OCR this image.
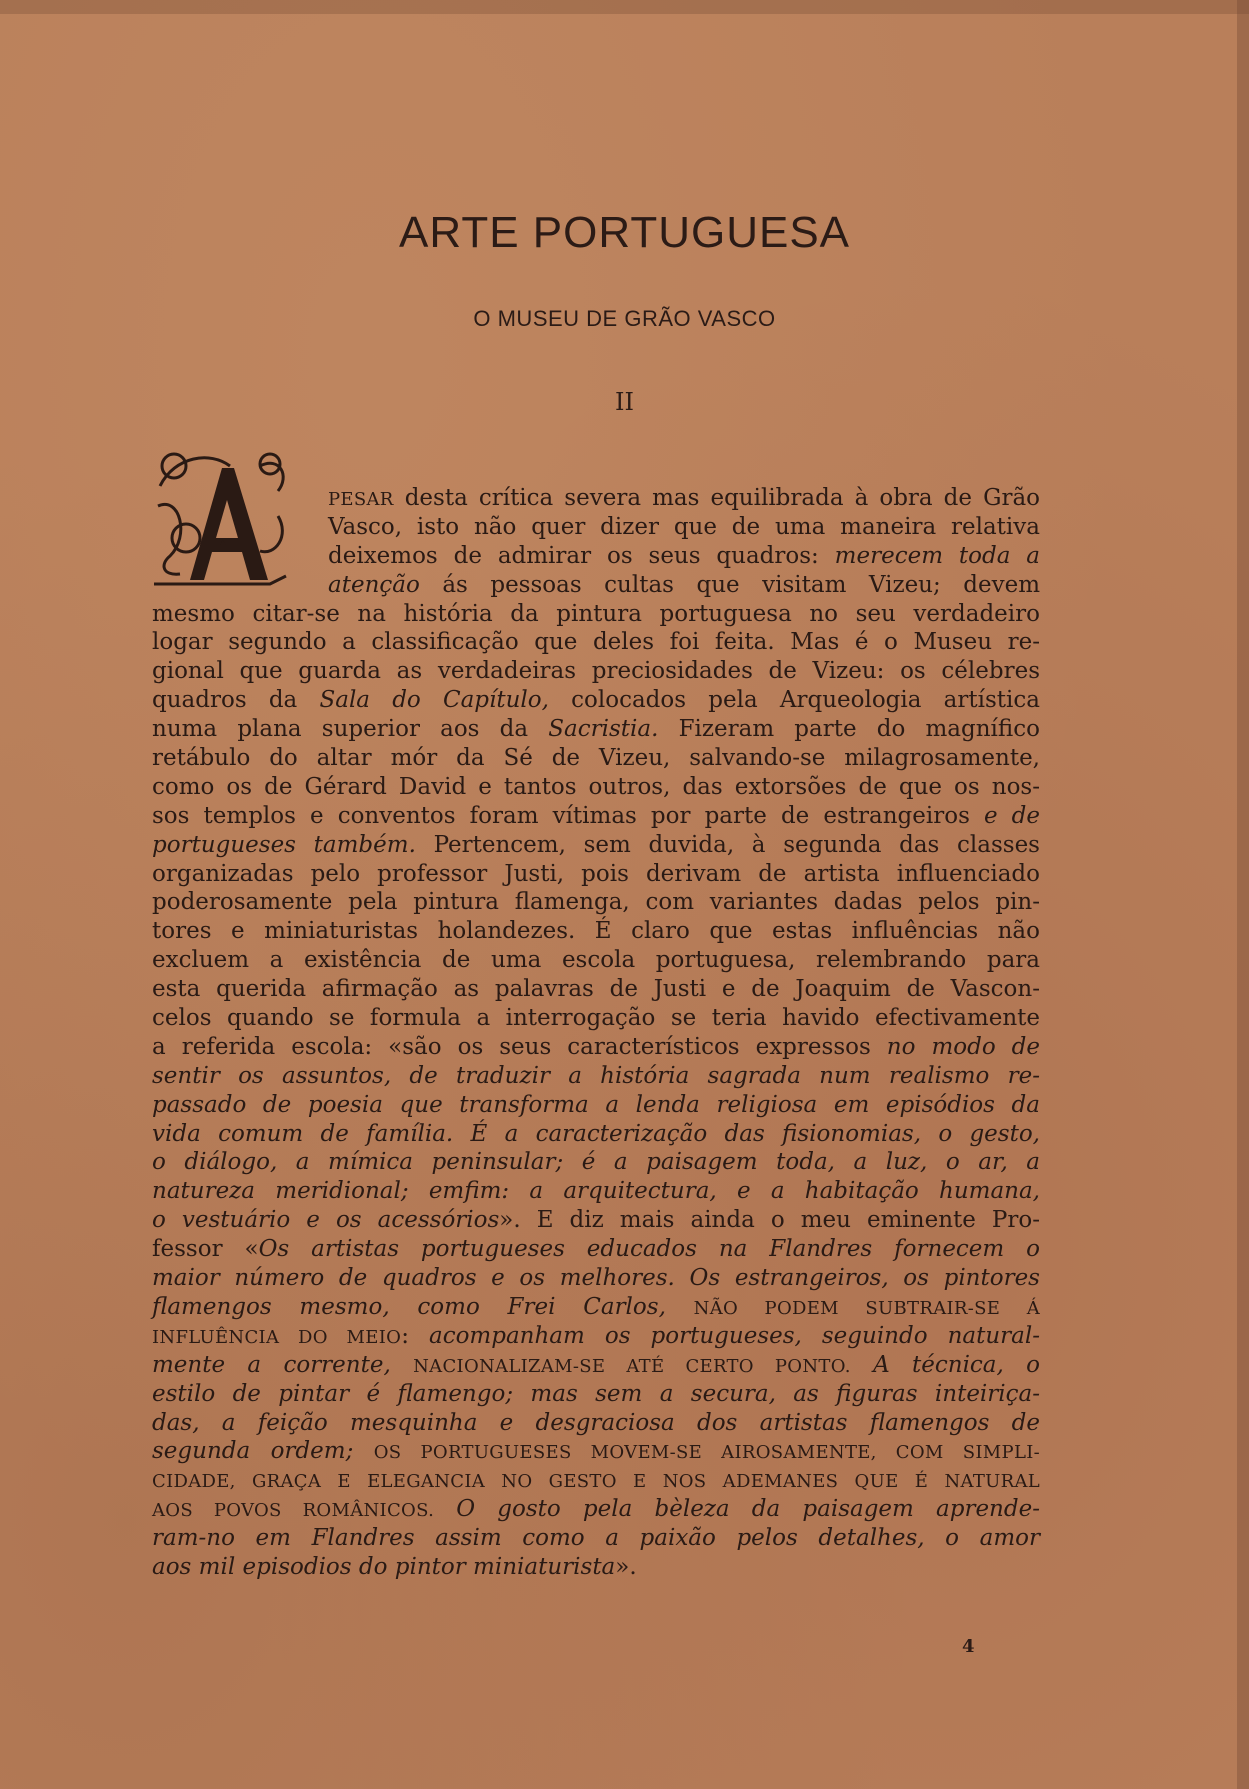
ARTE PORTUGUESA
O MUSEU DE GRÃO VASCO
II
A
PESAR desta crítica severa mas equilibrada à obra de Grão
Vasco, isto não quer dizer que de uma maneira relativa
deixemos de admirar os seus quadros: merecem toda a
atenção ás pessoas cultas que visitam Vizeu; devem
mesmo citar-se na história da pintura portuguesa no seu verdadeiro
logar segundo a classificação que deles foi feita. Mas é o Museu re-
gional que guarda as verdadeiras preciosidades de Vizeu: os célebres
quadros da Sala do Capítulo, colocados pela Arqueologia artística
numa plana superior aos da Sacristia. Fizeram parte do magnífico
retábulo do altar mór da Sé de Vizeu, salvando-se milagrosamente,
como os de Gérard David e tantos outros, das extorsões de que os nos-
sos templos e conventos foram vítimas por parte de estrangeiros e de
portugueses também. Pertencem, sem duvida, à segunda das classes
organizadas pelo professor Justi, pois derivam de artista influenciado
poderosamente pela pintura flamenga, com variantes dadas pelos pin-
tores e miniaturistas holandezes. É claro que estas influências não
excluem a existência de uma escola portuguesa, relembrando para
esta querida afirmação as palavras de Justi e de Joaquim de Vascon-
celos quando se formula a interrogação se teria havido efectivamente
a referida escola: «são os seus característicos expressos no modo de
sentir os assuntos, de traduzir a história sagrada num realismo re-
passado de poesia que transforma a lenda religiosa em episódios da
vida comum de família. É a caracterização das fisionomias, o gesto,
o diálogo, a mímica peninsular; é a paisagem toda, a luz, o ar, a
natureza meridional; emfim: a arquitectura, e a habitação humana,
o vestuário e os acessórios». E diz mais ainda o meu eminente Pro-
fessor «Os artistas portugueses educados na Flandres fornecem o
maior número de quadros e os melhores. Os estrangeiros, os pintores
flamengos mesmo, como Frei Carlos, NÃO PODEM SUBTRAIR-SE Á
INFLUÊNCIA DO MEIO: acompanham os portugueses, seguindo natural-
mente a corrente, NACIONALIZAM-SE ATÉ CERTO PONTO. A técnica, o
estilo de pintar é flamengo; mas sem a secura, as figuras inteiriça-
das, a feição mesquinha e desgraciosa dos artistas flamengos de
segunda ordem; OS PORTUGUESES MOVEM-SE AIROSAMENTE, COM SIMPLI-
CIDADE, GRAÇA E ELEGANCIA NO GESTO E NOS ADEMANES QUE É NATURAL
AOS POVOS ROMÂNICOS. O gosto pela bèleza da paisagem aprende-
ram-no em Flandres assim como a paixão pelos detalhes, o amor
aos mil episodios do pintor miniaturista».
4
